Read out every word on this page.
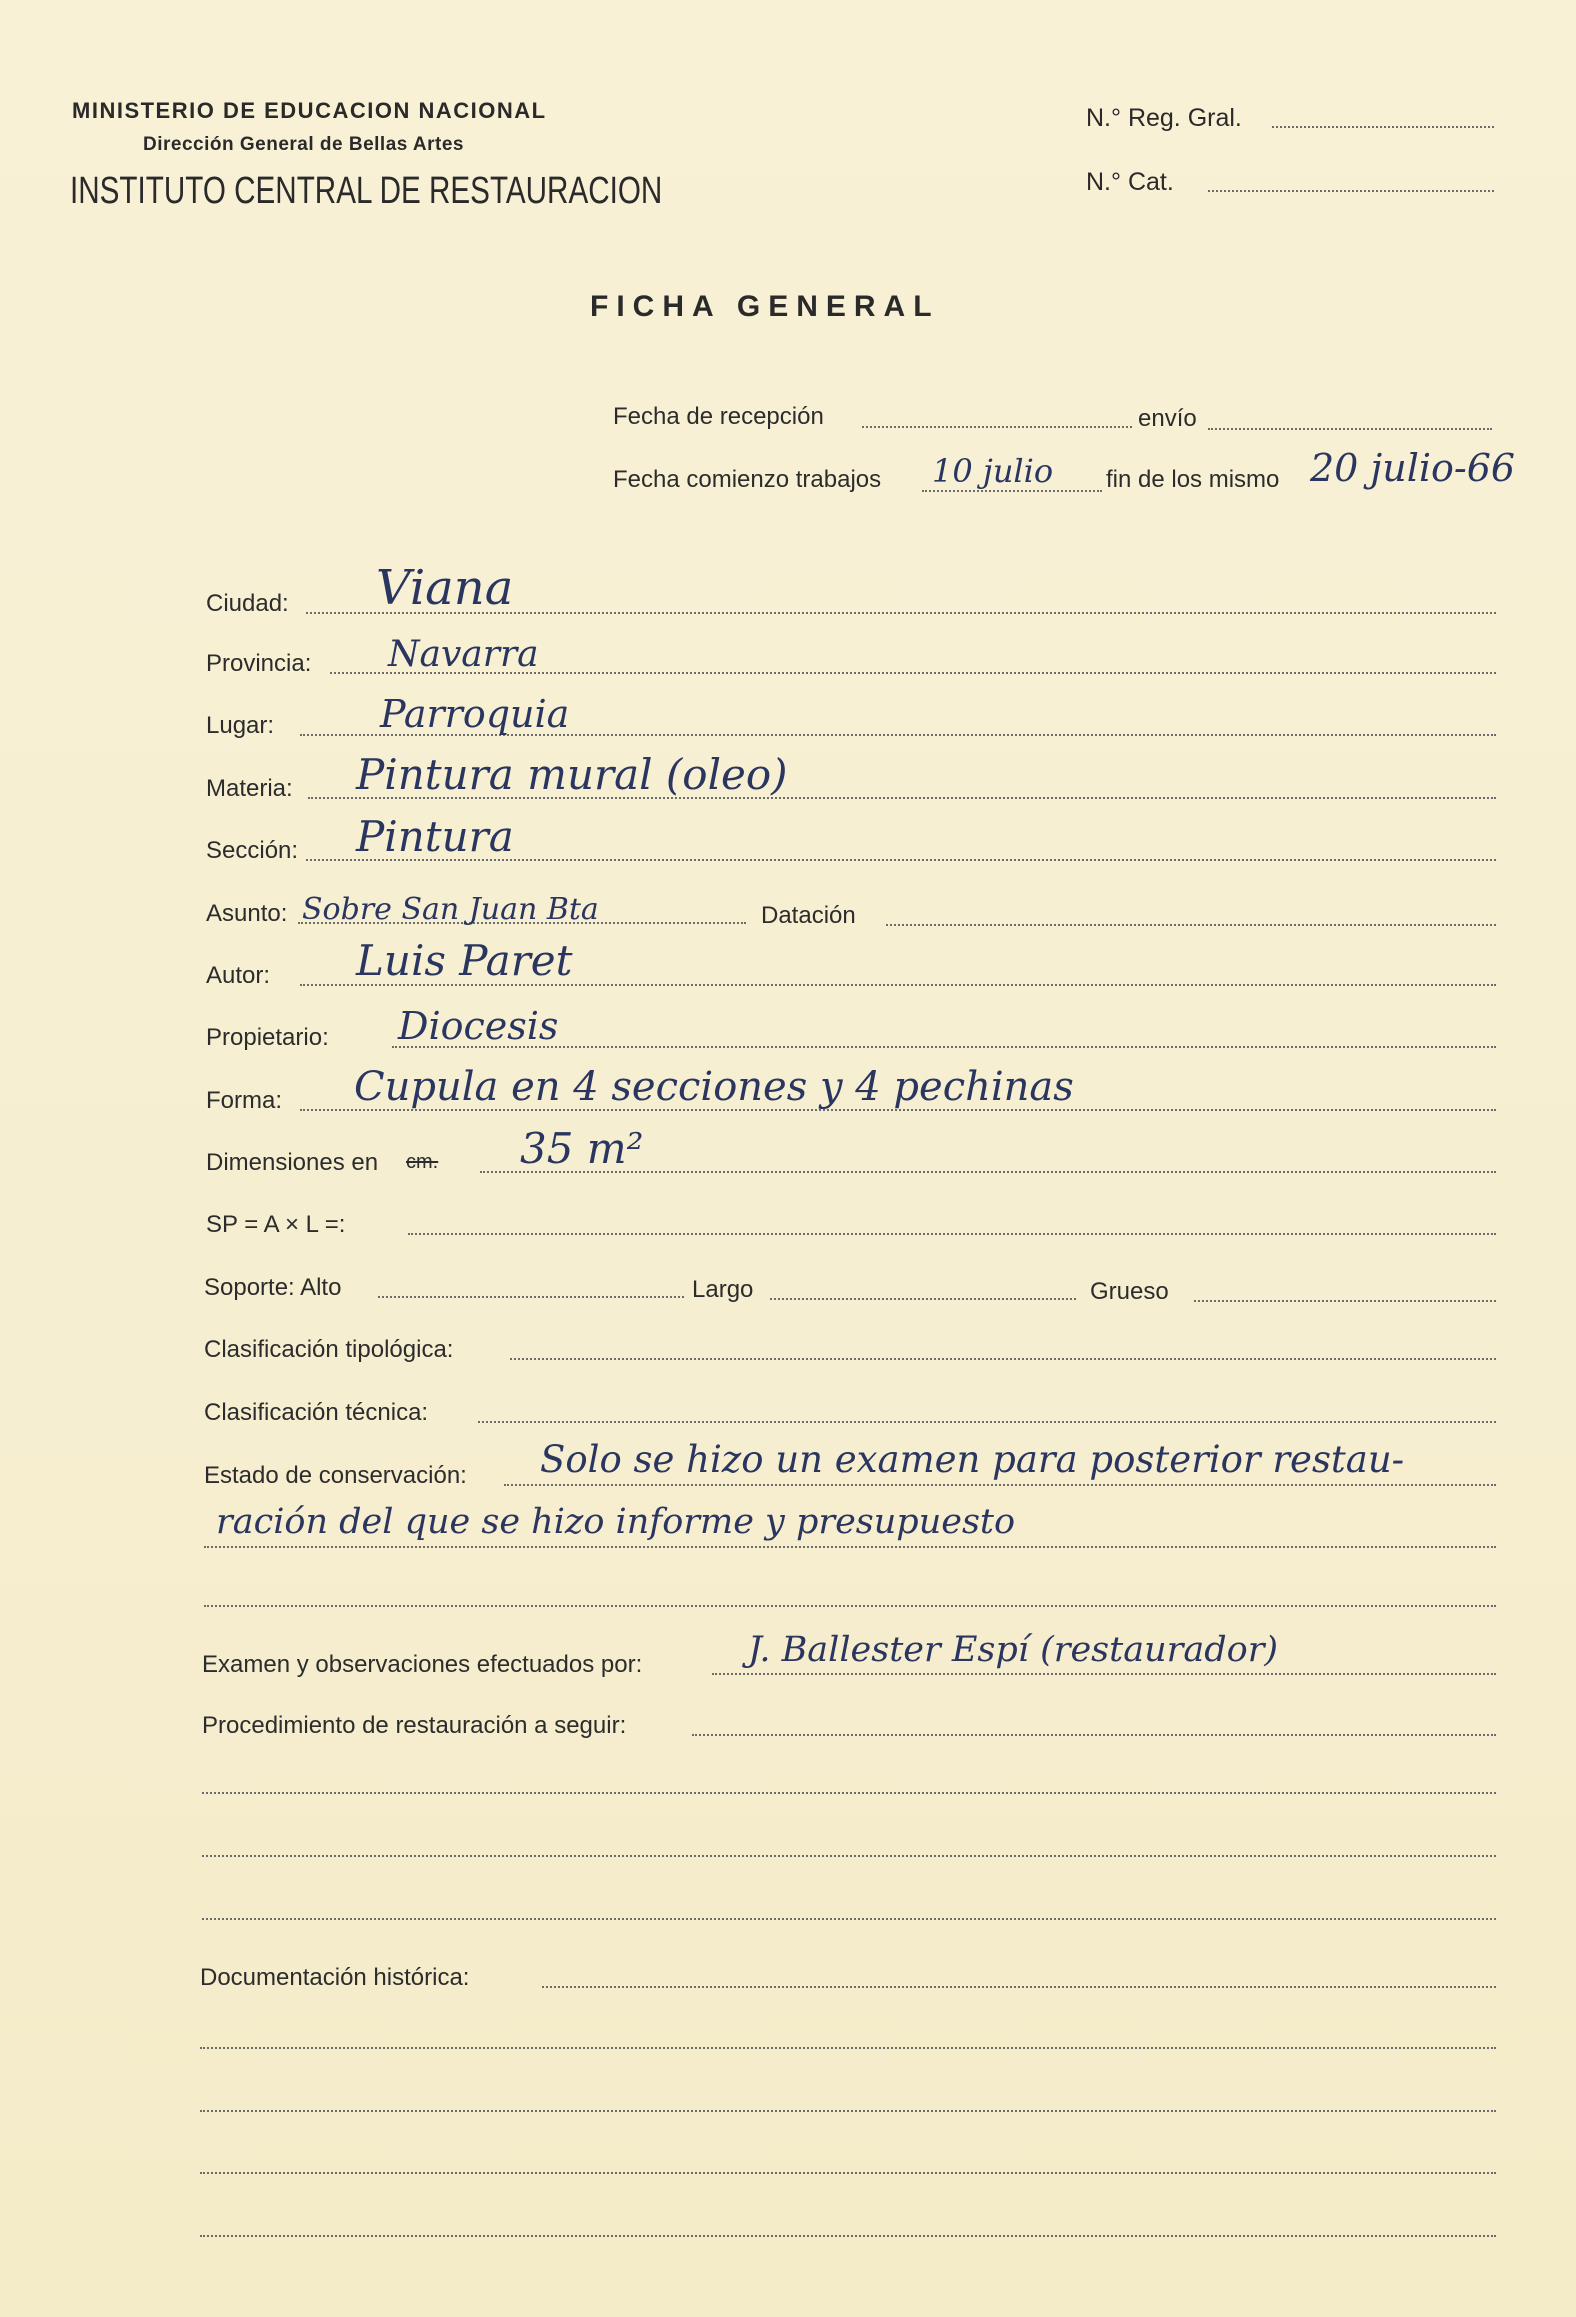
MINISTERIO DE EDUCACION NACIONAL
Dirección General de Bellas Artes
INSTITUTO CENTRAL DE RESTAURACION
N.° Reg. Gral.
N.° Cat.
FICHA GENERAL
Fecha de recepción	envío
Fecha comienzo trabajos 10 julio fin de los mismo 20 julio-66
Ciudad: Viana
Provincia: Navarra
Lugar:	Parroquia
Materia: Pintura mural (oleo)
Sección: Pintura
Asunto: Sobre San Juan Bta	Datación
Autor: Luis Paret
Propietario: Diocesis
Forma: Cupula en 4 secciones y 4 pechinas
Dimensiones en cm. 35 m²
SP = A × L =:
Soporte: Alto	Largo	Grueso
Clasificación tipológica:
Clasificación técnica:
Estado de conservación: Solo se hizo un examen para posterior restau-
ración del que se hizo informe y presupuesto
Examen y observaciones efectuados por:	J. Ballester Espí (restaurador)
Procedimiento de restauración a seguir:
Documentación histórica:
